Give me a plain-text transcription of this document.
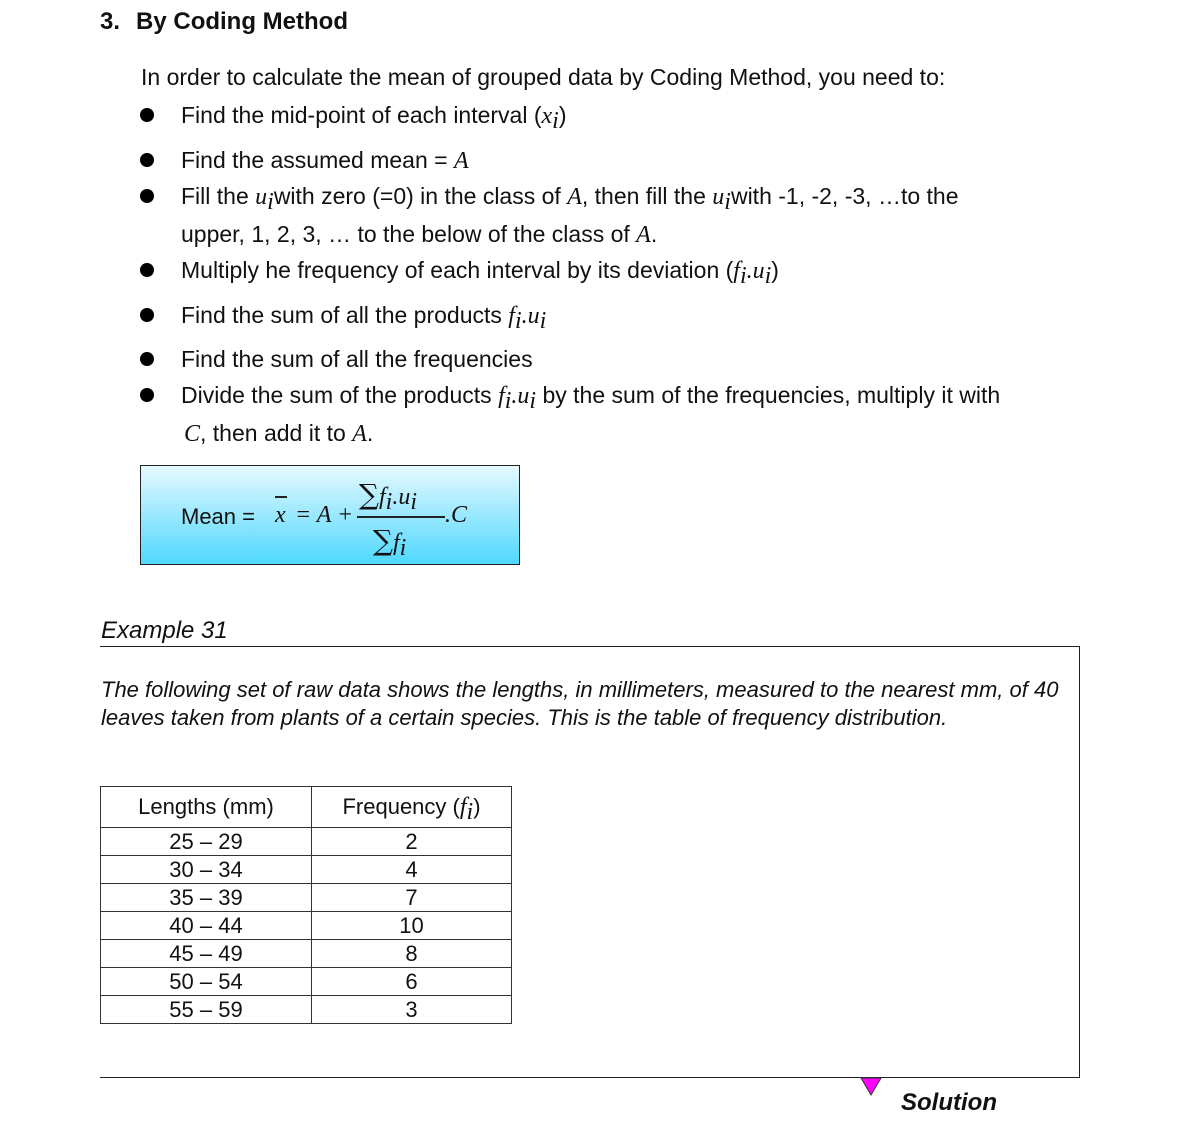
3. By Coding Method
In order to calculate the mean of grouped data by Coding Method, you need to:
Find the mid-point of each interval $(x_i)$
Find the assumed mean = A
Fill the $u_iwith$ zero (=0) in the class of A, then fill the $u_iwith$ -1, -2, -3, …to the
upper, 1, 2, 3, … to the below of the class of A.
Multiply he frequency of each interval by its deviation $(f_i.u_i)$
Find the sum of all the products $f_i.u_i$
Find the sum of all the frequencies
Divide the sum of the products $f_i.u_i$ by the sum of the frequencies, multiply it with
C, then add it to A.
Mean = x = A +
$\sum f_i.u_i$
$\sum f_i$
.C
Example 31
The following set of raw data shows the lengths, in millimeters, measured to the nearest mm, of 40 leaves taken from plants of a certain species. This is the table of frequency distribution.
Lengths (mm)	Frequency $(f_i)$
25 – 29	2
30 – 34	4
35 – 39	7
40 – 44	10
45 – 49	8
50 – 54	6
55 – 59	3
Solution
